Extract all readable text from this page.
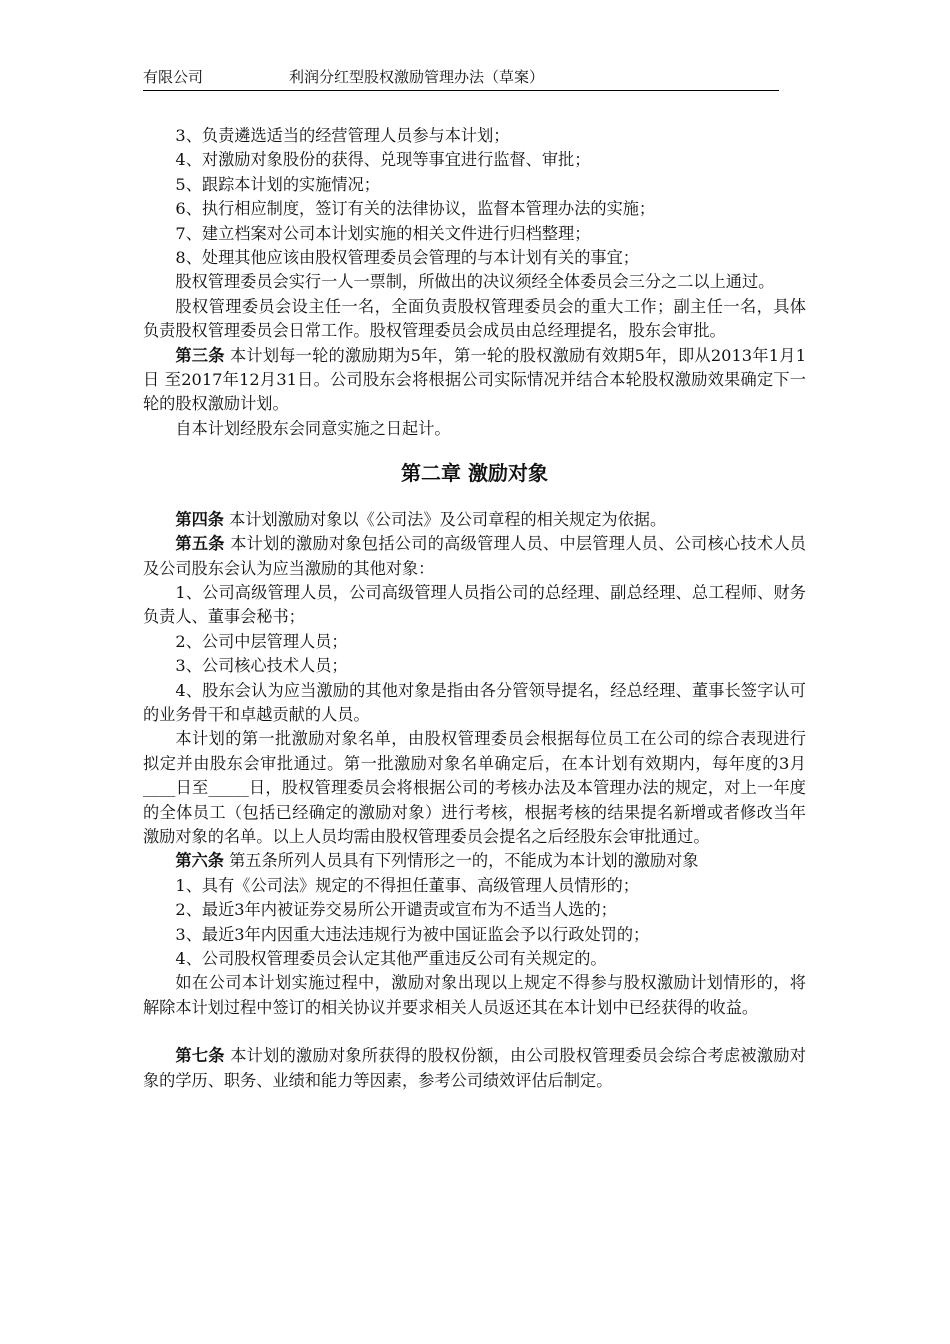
有限公司	利润分红型股权激励管理办法（草案）

3、负责遴选适当的经营管理人员参与本计划；

4、对激励对象股份的获得、兑现等事宜进行监督、审批；

5、跟踪本计划的实施情况；

6、执行相应制度，签订有关的法律协议，监督本管理办法的实施；

7、建立档案对公司本计划实施的相关文件进行归档整理；

8、处理其他应该由股权管理委员会管理的与本计划有关的事宜；

股权管理委员会实行一人一票制，所做出的决议须经全体委员会三分之二以上通过。

股权管理委员会设主任一名，全面负责股权管理委员会的重大工作；副主任一名，具体负责股权管理委员会日常工作。股权管理委员会成员由总经理提名，股东会审批。

第三条 本计划每一轮的激励期为5年，第一轮的股权激励有效期5年，即从2013年1月1日 至2017年12月31日。公司股东会将根据公司实际情况并结合本轮股权激励效果确定下一轮的股权激励计划。

自本计划经股东会同意实施之日起计。

第二章 激励对象

第四条 本计划激励对象以《公司法》及公司章程的相关规定为依据。

第五条 本计划的激励对象包括公司的高级管理人员、中层管理人员、公司核心技术人员及公司股东会认为应当激励的其他对象：

1、公司高级管理人员，公司高级管理人员指公司的总经理、副总经理、总工程师、财务负责人、董事会秘书；

2、公司中层管理人员；

3、公司核心技术人员；

4、股东会认为应当激励的其他对象是指由各分管领导提名，经总经理、董事长签字认可的业务骨干和卓越贡献的人员。

本计划的第一批激励对象名单，由股权管理委员会根据每位员工在公司的综合表现进行拟定并由股东会审批通过。第一批激励对象名单确定后，在本计划有效期内，每年度的3月____日至_____日，股权管理委员会将根据公司的考核办法及本管理办法的规定，对上一年度的全体员工（包括已经确定的激励对象）进行考核，根据考核的结果提名新增或者修改当年激励对象的名单。以上人员均需由股权管理委员会提名之后经股东会审批通过。

第六条 第五条所列人员具有下列情形之一的，不能成为本计划的激励对象

1、具有《公司法》规定的不得担任董事、高级管理人员情形的；

2、最近3年内被证券交易所公开谴责或宣布为不适当人选的；

3、最近3年内因重大违法违规行为被中国证监会予以行政处罚的；

4、公司股权管理委员会认定其他严重违反公司有关规定的。

如在公司本计划实施过程中，激励对象出现以上规定不得参与股权激励计划情形的，将解除本计划过程中签订的相关协议并要求相关人员返还其在本计划中已经获得的收益。

第七条 本计划的激励对象所获得的股权份额，由公司股权管理委员会综合考虑被激励对象的学历、职务、业绩和能力等因素，参考公司绩效评估后制定。
